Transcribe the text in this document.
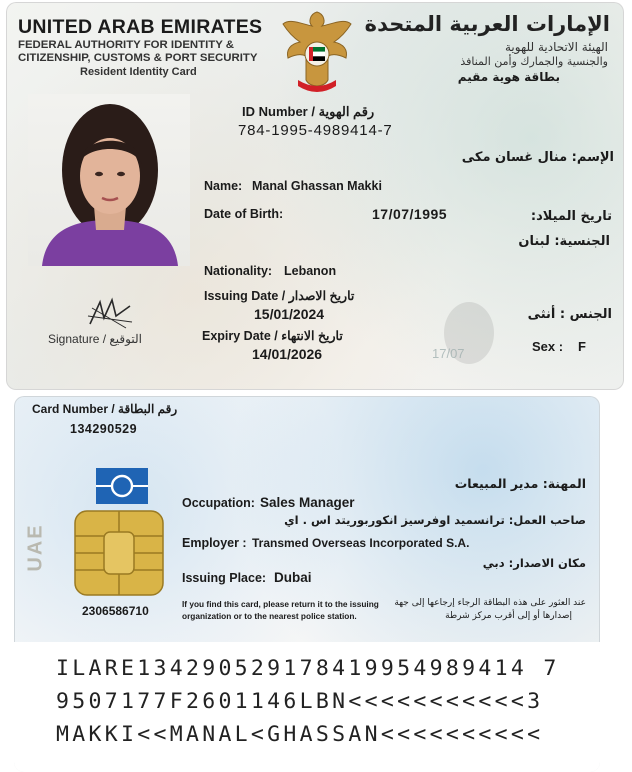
UNITED ARAB EMIRATES
FEDERAL AUTHORITY FOR IDENTITY &
CITIZENSHIP, CUSTOMS & PORT SECURITY
Resident Identity Card
الإمارات العربية المتحدة
الهيئة الاتحادية للهوية
والجنسية والجمارك وأمن المنافذ
بطاقة هوية مقيم
ID Number / رقم الهوية
784-1995-4989414-7
الإسم: منال غسان مكى
Name: Manal Ghassan Makki
Date of Birth:	17/07/1995	تاريخ الميلاد:
الجنسية: لبنان
Nationality: Lebanon
Issuing Date / تاريخ الاصدار
15/01/2024
Expiry Date / تاريخ الانتهاء
14/01/2026
Signature / التوقيع
17/07
الجنس : أنثى
Sex : F
Card Number / رقم البطاقة
134290529
UAE
2306586710
المهنة: مدير المبيعات
Occupation: Sales Manager
صاحب العمل: ترانسميد اوفرسيز انكوربوريتد اس . اي
Employer : Transmed Overseas Incorporated S.A.
مكان الاصدار: دبي
Issuing Place: Dubai
If you find this card, please return it to the issuing
organization or to the nearest police station.
عند العثور على هذه البطاقة الرجاء إرجاعها إلى جهة
إصدارها أو إلى أقرب مركز شرطة
ILARE134290529178419954989414 7
9507177F2601146LBN<<<<<<<<<<<3
MAKKI<<MANAL<GHASSAN<<<<<<<<<<
